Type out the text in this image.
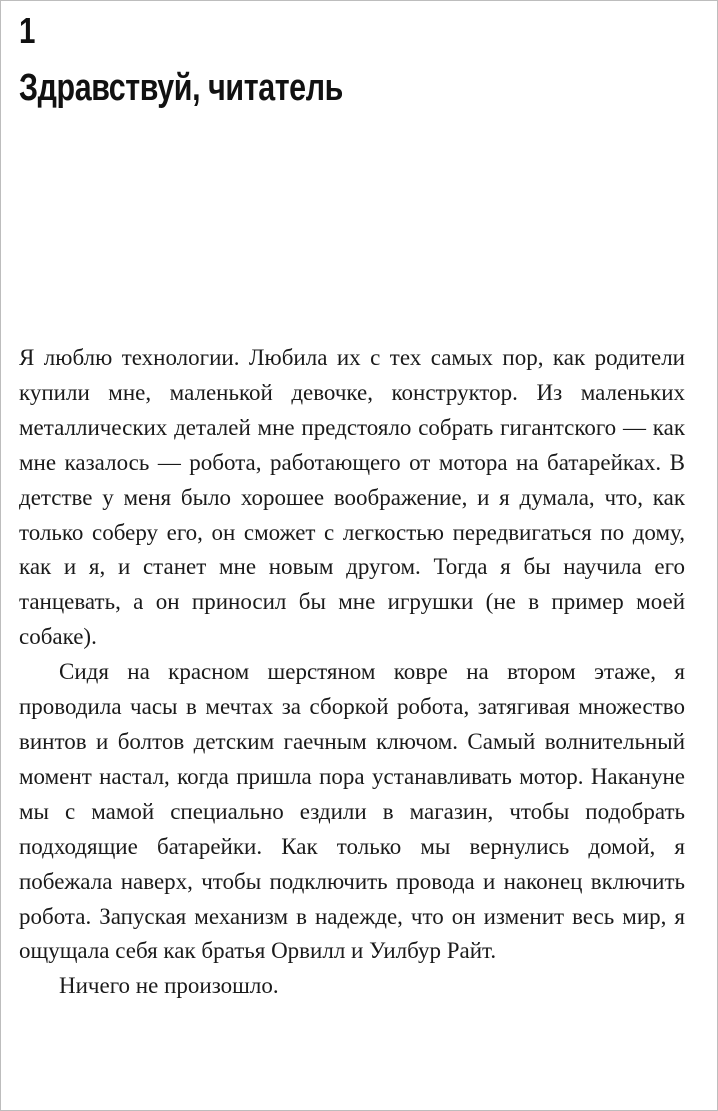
1
Здравствуй, читатель

Я люблю технологии. Любила их с тех самых пор, как родители купили мне, маленькой девочке, конструктор. Из маленьких металлических деталей мне предстояло собрать гигантского — как мне казалось — робота, работающего от мотора на батарейках. В детстве у меня было хорошее воображение, и я думала, что, как только соберу его, он сможет с легкостью передвигаться по дому, как и я, и станет мне новым другом. Тогда я бы научила его танцевать, а он приносил бы мне игрушки (не в пример моей собаке).

Сидя на красном шерстяном ковре на втором этаже, я проводила часы в мечтах за сборкой робота, затягивая множество винтов и болтов детским гаечным ключом. Самый волнительный момент настал, когда пришла пора устанавливать мотор. Накануне мы с мамой специально ездили в магазин, чтобы подобрать подходящие батарейки. Как только мы вернулись домой, я побежала наверх, чтобы подключить провода и наконец включить робота. Запуская механизм в надежде, что он изменит весь мир, я ощущала себя как братья Орвилл и Уилбур Райт.

Ничего не произошло.
